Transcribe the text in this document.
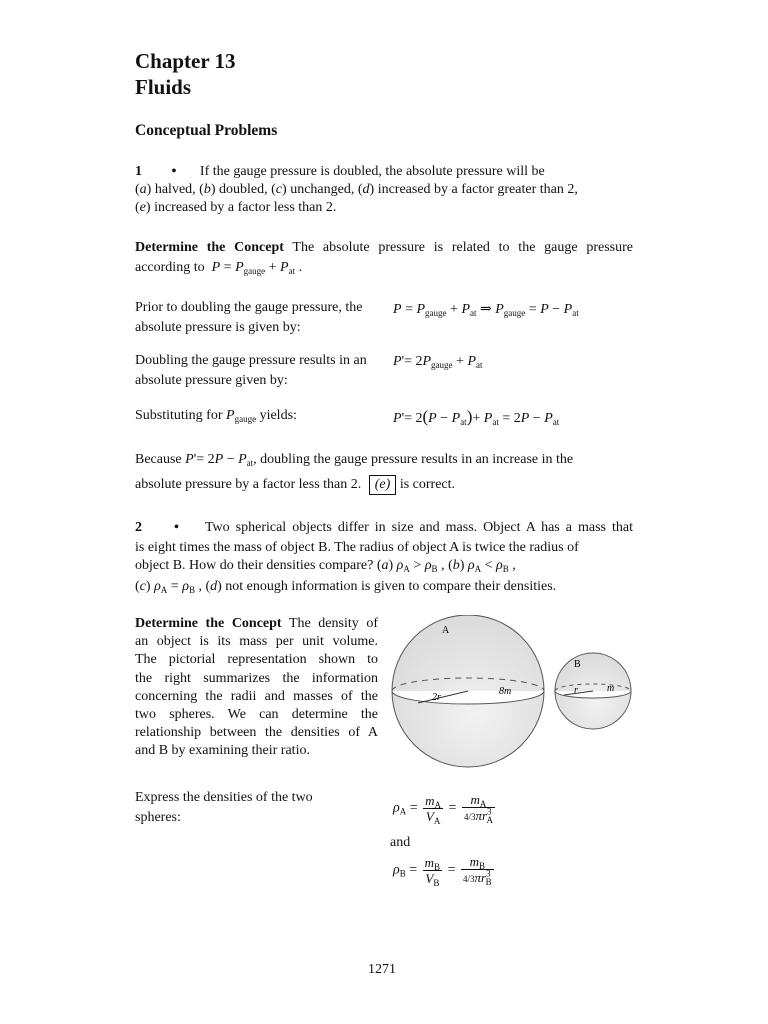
Chapter 13
Fluids
Conceptual Problems
1 • If the gauge pressure is doubled, the absolute pressure will be
(a) halved, (b) doubled, (c) unchanged, (d) increased by a factor greater than 2,
(e) increased by a factor less than 2.
Determine the Concept The absolute pressure is related to the gauge pressure
according to $P = P_{gauge} + P_{at}$ .
Prior to doubling the gauge pressure, the absolute pressure is given by:
$P = P_{gauge} + P_{at}$ ⇒ $P_{gauge} = P - P_{at}$
Doubling the gauge pressure results in an absolute pressure given by:
$P'= 2P_{gauge} + P_{at}$
Substituting for $P_{gauge}$ yields:	$P'= 2(P - P_{at})+ P_{at} = 2P - P_{at}$
Because $P'= 2P - P_{at}$, doubling the gauge pressure results in an increase in the
absolute pressure by a factor less than 2. (e) is correct.
2 • Two spherical objects differ in size and mass. Object A has a mass that
is eight times the mass of object B. The radius of object A is twice the radius of
object B. How do their densities compare? (a) $\rho_A > \rho_B$ , (b) $\rho_A < \rho_B$ ,
(c) $\rho_A = \rho_B$ , (d) not enough information is given to compare their densities.
Determine the Concept The density of
an object is its mass per unit volume.
The pictorial representation shown to
the right summarizes the information
concerning the radii and masses of the
two spheres. We can determine the
relationship between the densities of A
and B by examining their ratio.
A
2r
8m
B
r	m
Express the densities of the two spheres:
$\rho_A = \frac{m_A}{V_A} = \frac{m_A}{4/3\pi r^3_A}$
and
$\rho_B = \frac{m_B}{V_B} = \frac{m_B}{4/3\pi r^3_B}$
1271
